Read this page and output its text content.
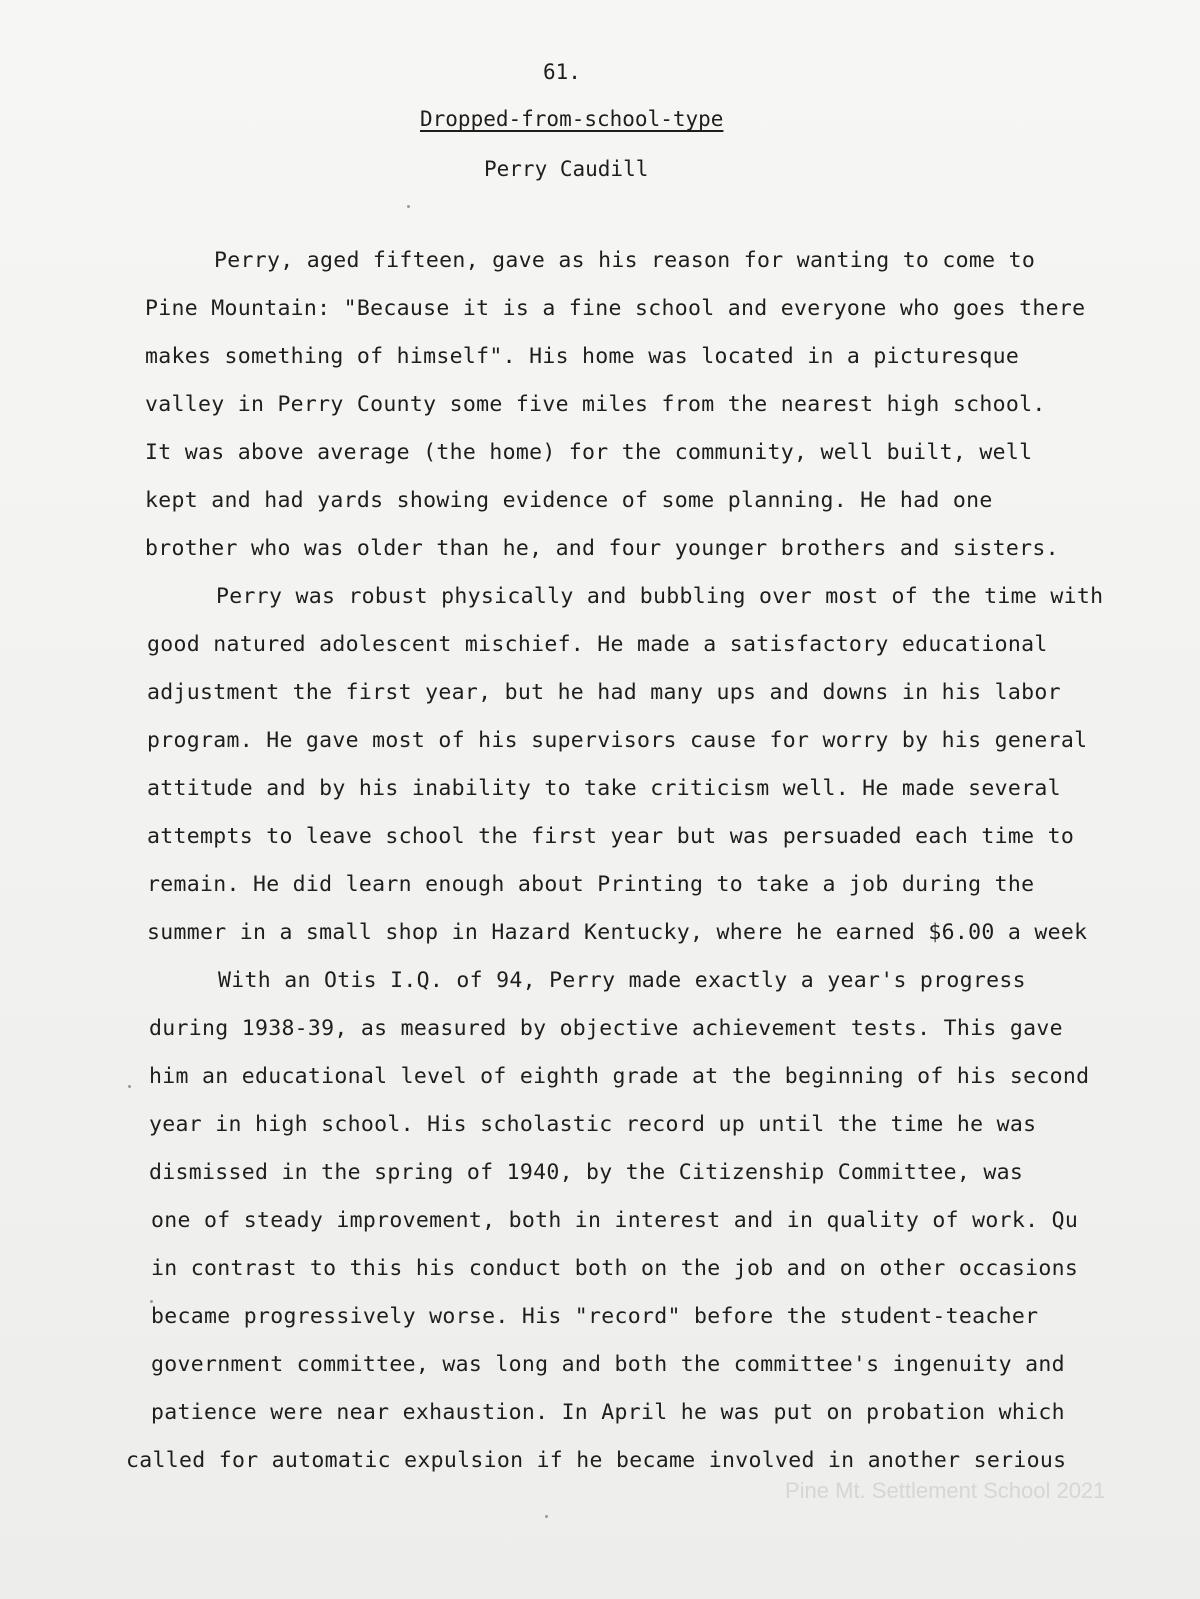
61.
Dropped-from-school-type
Perry Caudill
Perry, aged fifteen, gave as his reason for wanting to come to
Pine Mountain: "Because it is a fine school and everyone who goes there
makes something of himself". His home was located in a picturesque
valley in Perry County some five miles from the nearest high school.
It was above average (the home) for the community, well built, well
kept and had yards showing evidence of some planning. He had one
brother who was older than he, and four younger brothers and sisters.
Perry was robust physically and bubbling over most of the time with
good natured adolescent mischief. He made a satisfactory educational
adjustment the first year, but he had many ups and downs in his labor
program. He gave most of his supervisors cause for worry by his general
attitude and by his inability to take criticism well. He made several
attempts to leave school the first year but was persuaded each time to
remain. He did learn enough about Printing to take a job during the
summer in a small shop in Hazard Kentucky, where he earned $6.00 a week
With an Otis I.Q. of 94, Perry made exactly a year's progress
during 1938-39, as measured by objective achievement tests. This gave
him an educational level of eighth grade at the beginning of his second
year in high school. His scholastic record up until the time he was
dismissed in the spring of 1940, by the Citizenship Committee, was
one of steady improvement, both in interest and in quality of work. Qu
in contrast to this his conduct both on the job and on other occasions
became progressively worse. His "record" before the student-teacher
government committee, was long and both the committee's ingenuity and
patience were near exhaustion. In April he was put on probation which
called for automatic expulsion if he became involved in another serious
Pine Mt. Settlement School 2021
